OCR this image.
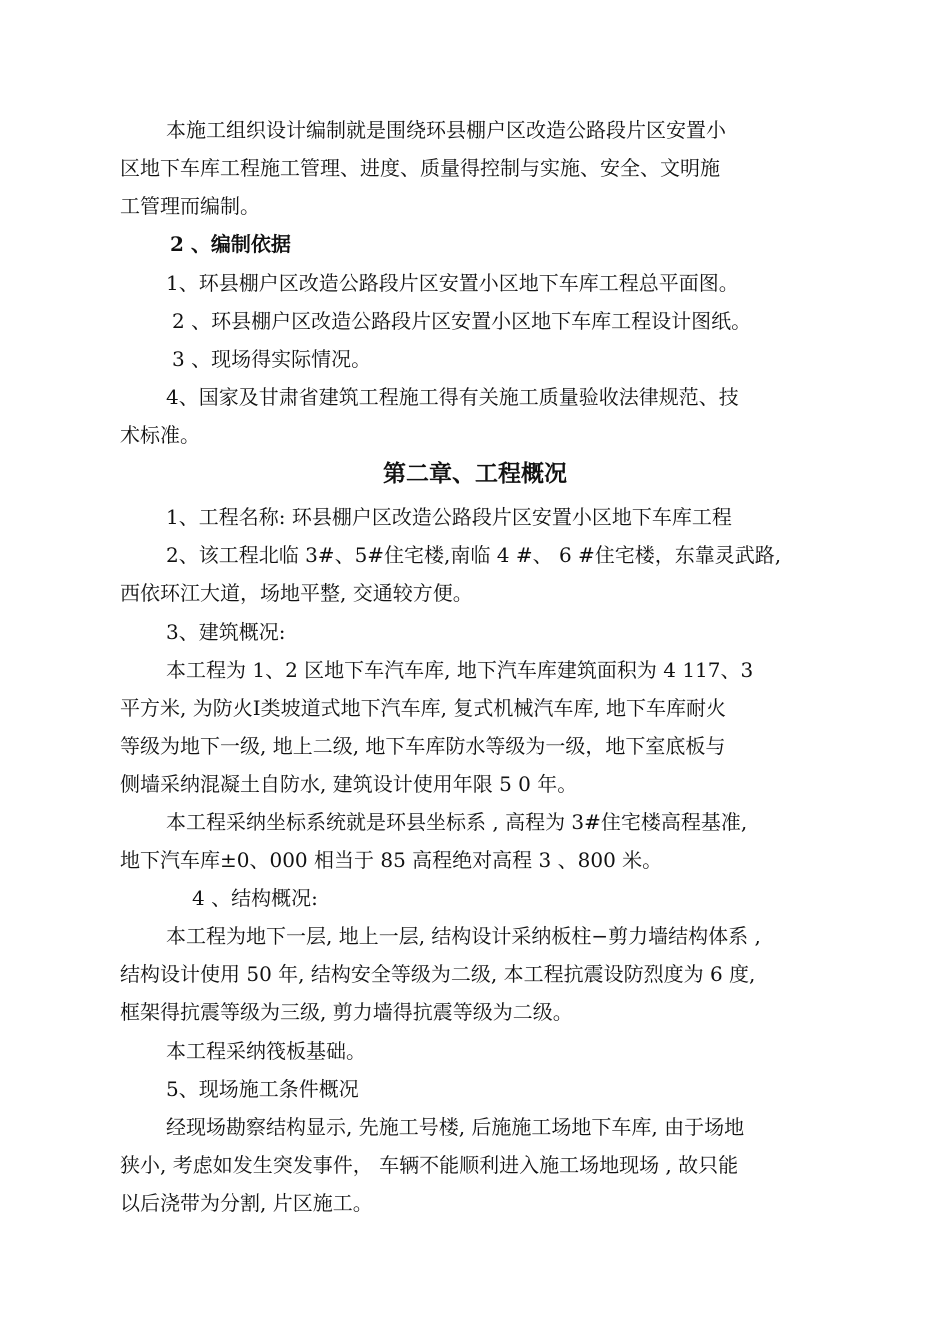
本施工组织设计编制就是围绕环县棚户区改造公路段片区安置小
区地下车库工程施工管理、进度、质量得控制与实施、安全、文明施
工管理而编制。
2 、编制依据
1、环县棚户区改造公路段片区安置小区地下车库工程总平面图。
2 、环县棚户区改造公路段片区安置小区地下车库工程设计图纸。
3 、现场得实际情况。
4、国家及甘肃省建筑工程施工得有关施工质量验收法律规范、技
术标准。
第二章、工程概况
1、工程名称: 环县棚户区改造公路段片区安置小区地下车库工程
2、该工程北临 3#、5#住宅楼,南临 4 #、 6 #住宅楼，东靠灵武路,
西依环江大道，场地平整, 交通较方便。
3、建筑概况:
本工程为 1、2 区地下车汽车库, 地下汽车库建筑面积为 4 117、3
平方米, 为防火Ⅰ类坡道式地下汽车库, 复式机械汽车库, 地下车库耐火
等级为地下一级, 地上二级, 地下车库防水等级为一级，地下室底板与
侧墙采纳混凝土自防水, 建筑设计使用年限 5 0 年。
本工程采纳坐标系统就是环县坐标系 , 高程为 3#住宅楼高程基准,
地下汽车库±0、000 相当于 85 高程绝对高程 3 、800 米。
4 、结构概况:
本工程为地下一层, 地上一层, 结构设计采纳板柱−剪力墙结构体系 ,
结构设计使用 50 年, 结构安全等级为二级, 本工程抗震设防烈度为 6 度,
框架得抗震等级为三级, 剪力墙得抗震等级为二级。
本工程采纳筏板基础。
5、现场施工条件概况
经现场勘察结构显示, 先施工号楼, 后施施工场地下车库, 由于场地
狭小, 考虑如发生突发事件， 车辆不能顺利进入施工场地现场 , 故只能
以后浇带为分割, 片区施工。
